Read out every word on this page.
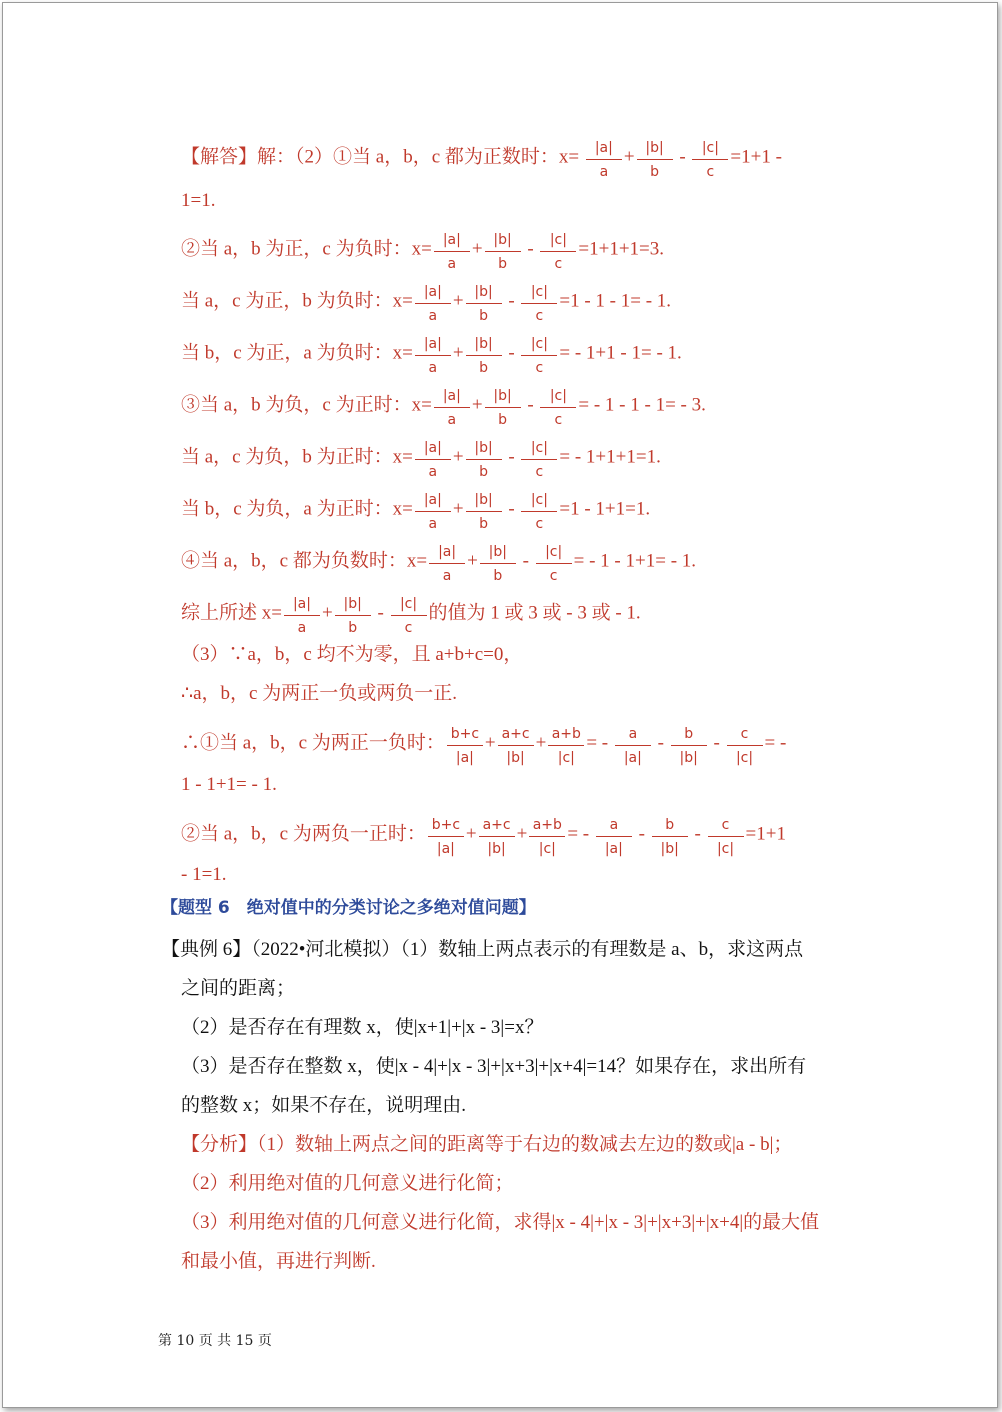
【解答】解：（2）①当 a，b，c 都为正数时：$x= \frac{|a|}{a} + \frac{|b|}{b} - \frac{|c|}{c} =1+1$ -
1=1.
②当 a，b 为正，c 为负时：$x= \frac{|a|}{a} + \frac{|b|}{b} - \frac{|c|}{c} =1+1+1=3$.
当 a，c 为正，b 为负时：$x= \frac{|a|}{a} + \frac{|b|}{b} - \frac{|c|}{c} =1 - 1 - 1= - 1$.
当 b，c 为正，a 为负时：$x= \frac{|a|}{a} + \frac{|b|}{b} - \frac{|c|}{c}$ = - 1+1 - 1= - 1.
③当 a，b 为负，c 为正时：$x= \frac{|a|}{a} + \frac{|b|}{b} - \frac{|c|}{c}$ = - 1 - 1 - 1= - 3.
当 a，c 为负，b 为正时：$x= \frac{|a|}{a} + \frac{|b|}{b} - \frac{|c|}{c}$ = - 1+1+1=1.
当 b，c 为负，a 为正时：$x= \frac{|a|}{a} + \frac{|b|}{b} - \frac{|c|}{c} =1 - 1+1=1$.
④当 a，b，c 都为负数时：$x= \frac{|a|}{a} + \frac{|b|}{b} - \frac{|c|}{c}$ = - 1 - 1+1= - 1.
综上所述 $x= \frac{|a|}{a} + \frac{|b|}{b} - \frac{|c|}{c}$ 的值为 1 或 3 或 - 3 或 - 1.
（3）∵a，b，c 均不为零，且 a+b+c=0，
∴a，b，c 为两正一负或两负一正.
∴①当 a，b，c 为两正一负时： $\frac{b+c}{|a|} + \frac{a+c}{|b|} + \frac{a+b}{|c|}$ = - $\frac{a}{|a|} - \frac{b}{|b|} - \frac{c}{|c|}$ = -
1 - 1+1= - 1.
②当 a，b，c 为两负一正时： $\frac{b+c}{|a|} + \frac{a+c}{|b|} + \frac{a+b}{|c|}$ = - $\frac{a}{|a|} - \frac{b}{|b|} - \frac{c}{|c|} =1+1$
- 1=1.
【题型 6　绝对值中的分类讨论之多绝对值问题】
【典例 6】（2022•河北模拟）（1）数轴上两点表示的有理数是 a、b，求这两点
之间的距离；
（2）是否存在有理数 x，使|x+1|+|x - 3|=x？
（3）是否存在整数 x，使|x - 4|+|x - 3|+|x+3|+|x+4|=14？如果存在，求出所有
的整数 x；如果不存在，说明理由.
【分析】（1）数轴上两点之间的距离等于右边的数减去左边的数或|a - b|；
（2）利用绝对值的几何意义进行化简；
（3）利用绝对值的几何意义进行化简，求得|x - 4|+|x - 3|+|x+3|+|x+4|的最大值
和最小值，再进行判断.
第 10 页 共 15 页
